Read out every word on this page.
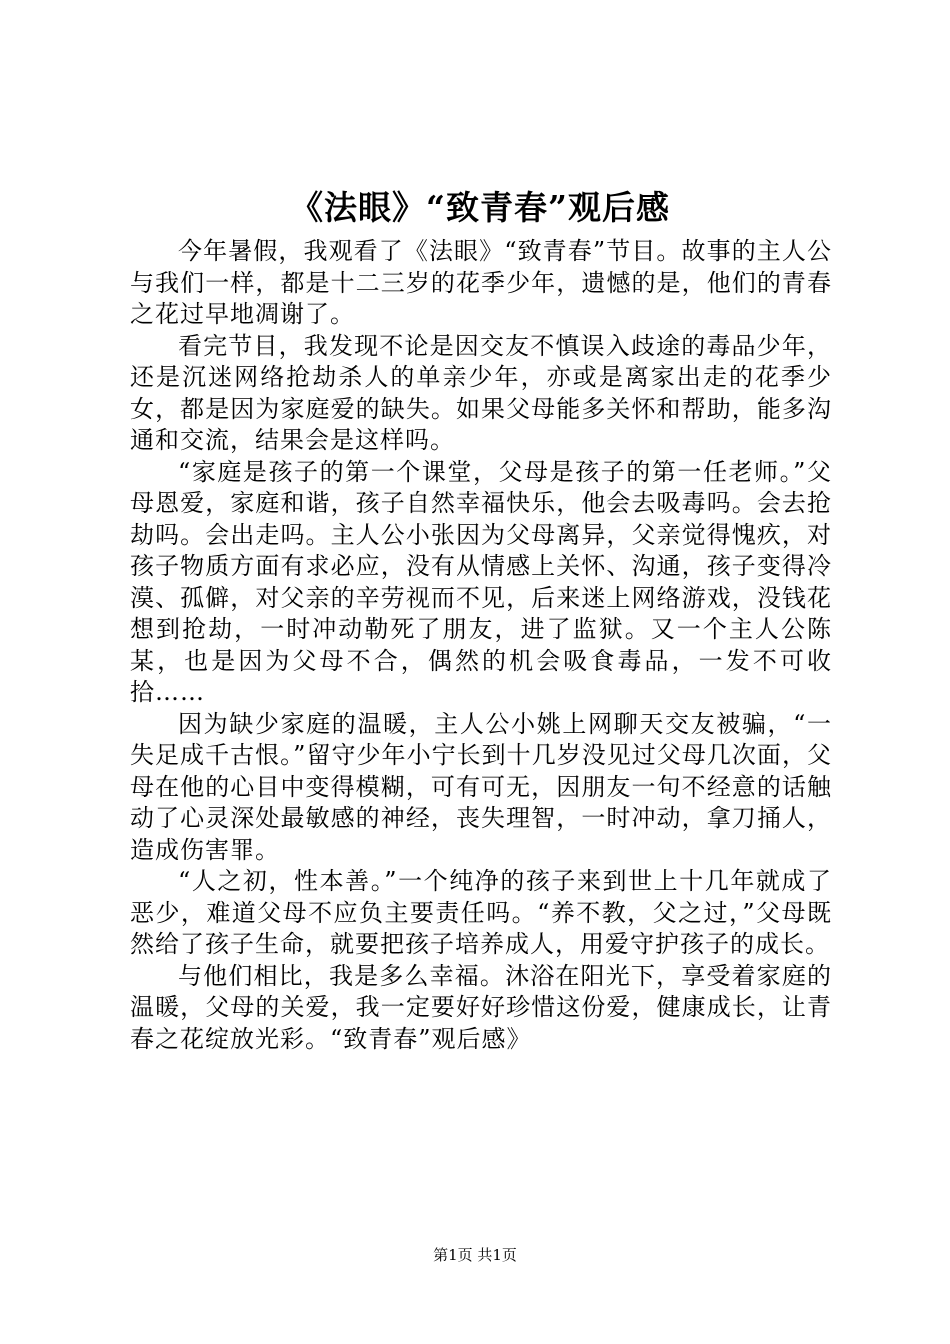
《法眼》“致青春”观后感

今年暑假，我观看了《法眼》“致青春”节目。故事的主人公与我们一样，都是十二三岁的花季少年，遗憾的是，他们的青春之花过早地凋谢了。

看完节目，我发现不论是因交友不慎误入歧途的毒品少年，还是沉迷网络抢劫杀人的单亲少年，亦或是离家出走的花季少女，都是因为家庭爱的缺失。如果父母能多关怀和帮助，能多沟通和交流，结果会是这样吗。

“家庭是孩子的第一个课堂，父母是孩子的第一任老师。”父母恩爱，家庭和谐，孩子自然幸福快乐，他会去吸毒吗。会去抢劫吗。会出走吗。主人公小张因为父母离异，父亲觉得愧疚，对孩子物质方面有求必应，没有从情感上关怀、沟通，孩子变得冷漠、孤僻，对父亲的辛劳视而不见，后来迷上网络游戏，没钱花想到抢劫，一时冲动勒死了朋友，进了监狱。又一个主人公陈某，也是因为父母不合，偶然的机会吸食毒品，一发不可收拾……

因为缺少家庭的温暖，主人公小姚上网聊天交友被骗，“一失足成千古恨。”留守少年小宁长到十几岁没见过父母几次面，父母在他的心目中变得模糊，可有可无，因朋友一句不经意的话触动了心灵深处最敏感的神经，丧失理智，一时冲动，拿刀捅人，造成伤害罪。

“人之初，性本善。”一个纯净的孩子来到世上十几年就成了恶少，难道父母不应负主要责任吗。“养不教，父之过，”父母既然给了孩子生命，就要把孩子培养成人，用爱守护孩子的成长。

与他们相比，我是多么幸福。沐浴在阳光下，享受着家庭的温暖，父母的关爱，我一定要好好珍惜这份爱，健康成长，让青春之花绽放光彩。“致青春”观后感》

第1页 共1页
